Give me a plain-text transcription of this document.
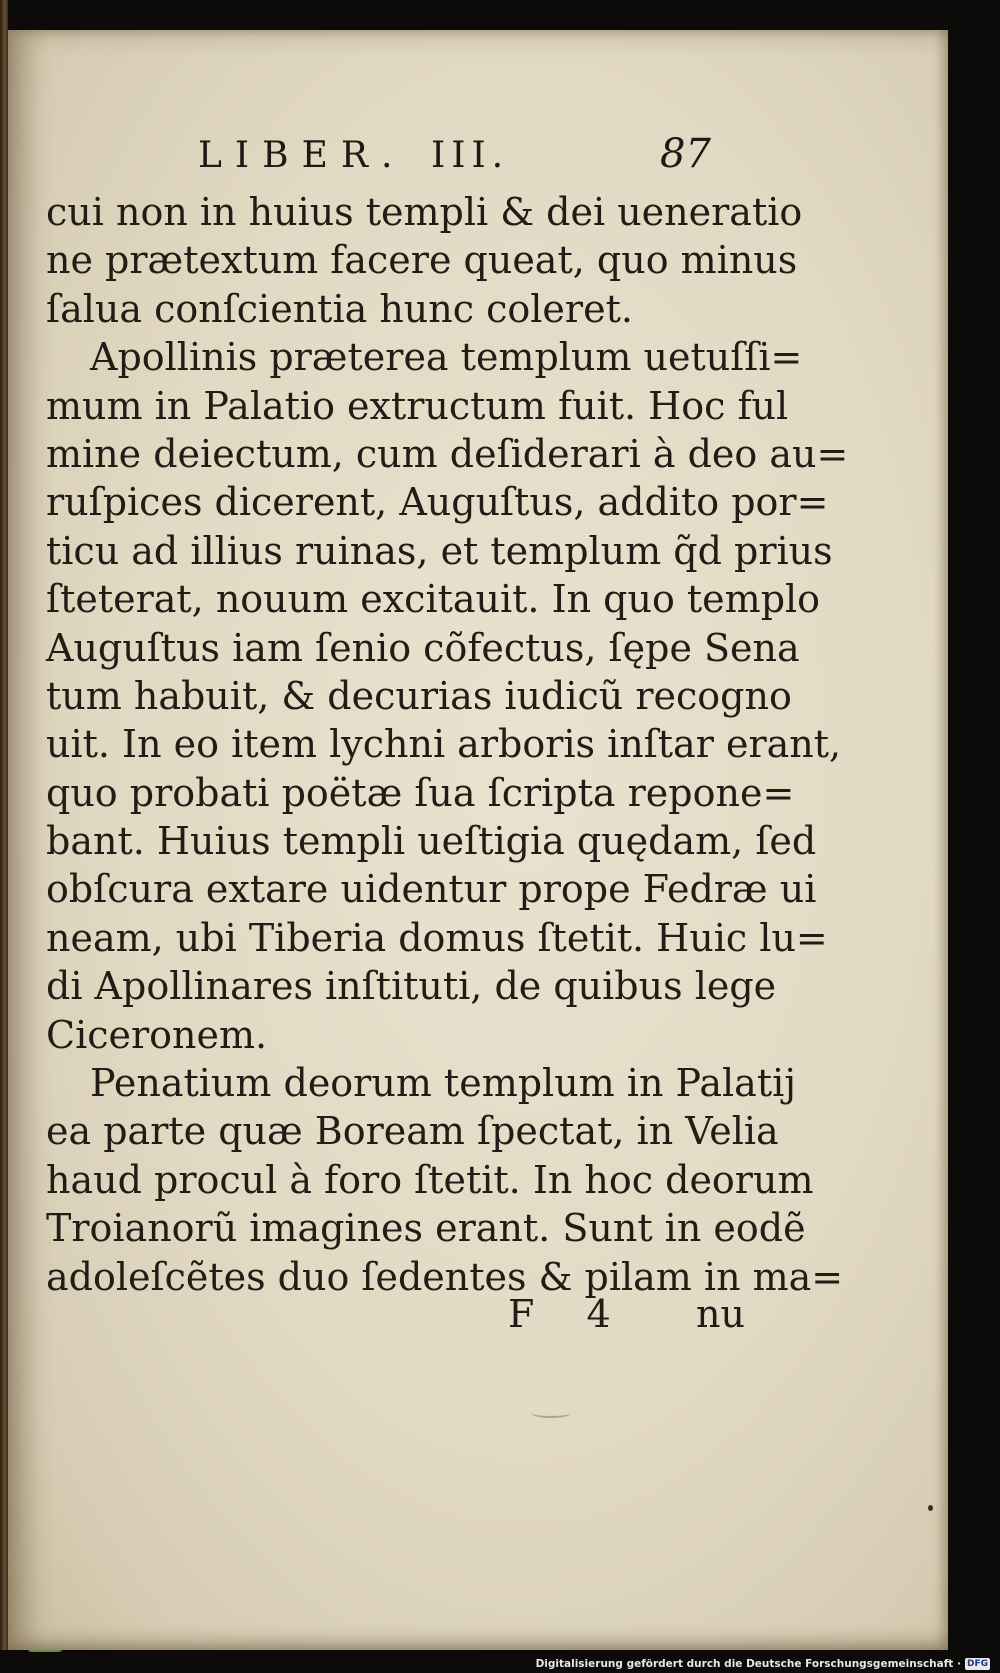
LIBER. III.	87
cui non in huius templi & dei ueneratio
ne prætextum facere queat, quo minus
ſalua conſcientia hunc coleret.
Apollinis præterea templum uetuſſi=
mum in Palatio extructum fuit. Hoc ful
mine deiectum, cum deſiderari à deo au=
ruſpices dicerent, Auguſtus, addito por=
ticu ad illius ruinas, et templum q̃d prius
ſteterat, nouum excitauit. In quo templo
Auguſtus iam ſenio cõfectus, ſępe Sena
tum habuit, & decurias iudicũ recogno
uit. In eo item lychni arboris inſtar erant,
quo probati poëtæ ſua ſcripta repone=
bant. Huius templi ueſtigia quędam, ſed
obſcura extare uidentur prope Fedræ ui
neam, ubi Tiberia domus ſtetit. Huic lu=
di Apollinares inſtituti, de quibus lege
Ciceronem.
Penatium deorum templum in Palatij
ea parte quæ Boream ſpectat, in Velia
haud procul à foro ſtetit. In hoc deorum
Troianorũ imagines erant. Sunt in eodẽ
adoleſcẽtes duo ſedentes & pilam in ma=
F 4 nu
Digitalisierung gefördert durch die Deutsche Forschungsgemeinschaft · DFG
